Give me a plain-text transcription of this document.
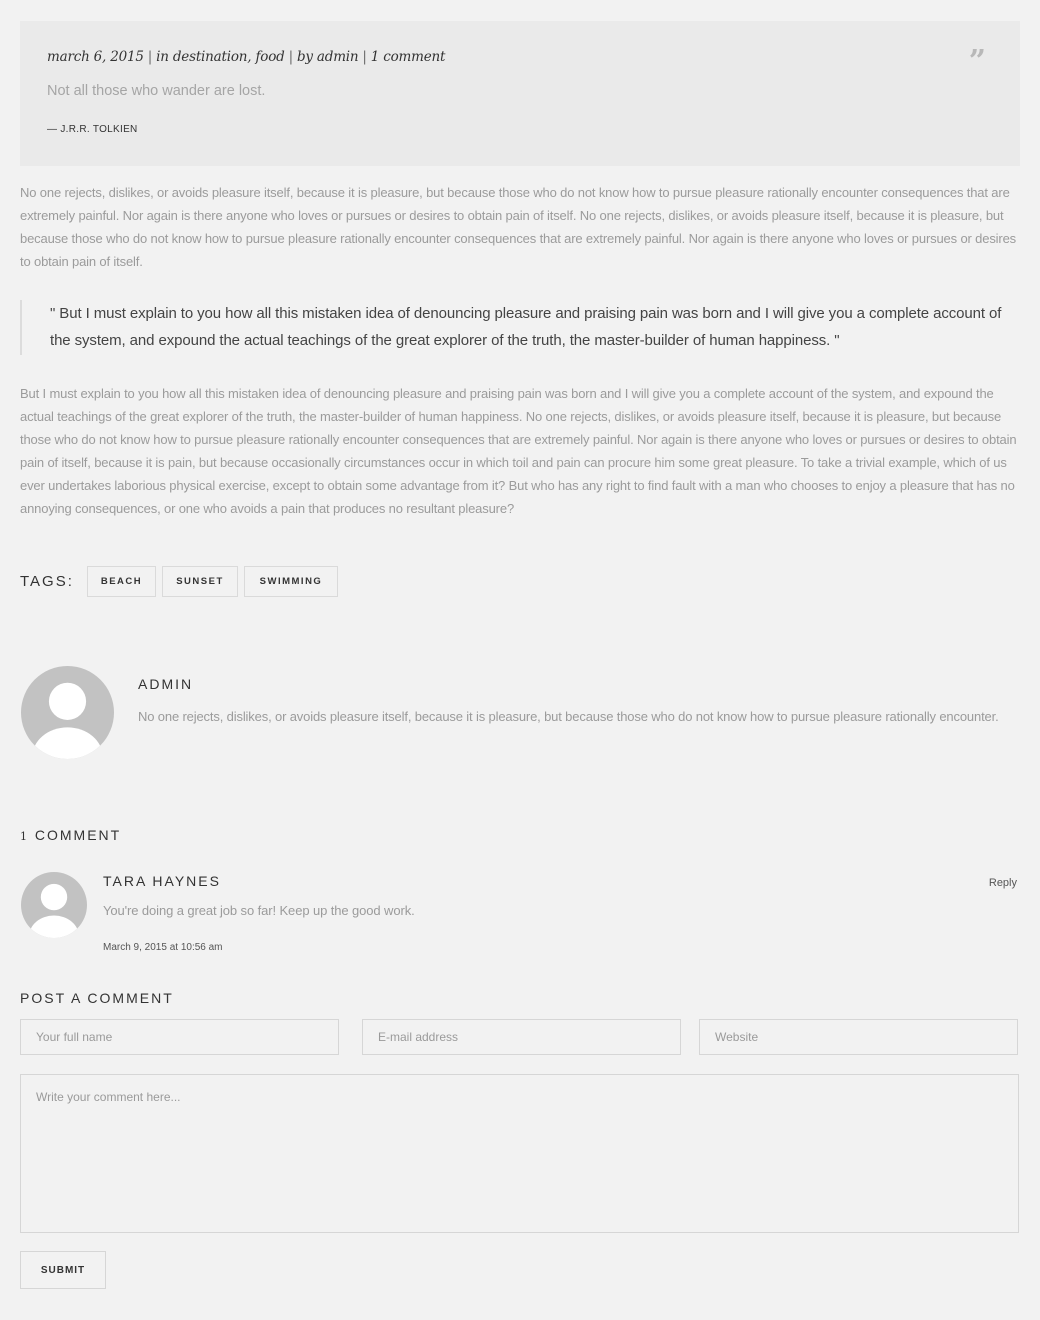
march 6, 2015 | in destination, food | by admin | 1 comment	”
Not all those who wander are lost.
— J.R.R. TOLKIEN

No one rejects, dislikes, or avoids pleasure itself, because it is pleasure, but because those who do not know how to pursue pleasure rationally encounter consequences that are extremely painful. Nor again is there anyone who loves or pursues or desires to obtain pain of itself. No one rejects, dislikes, or avoids pleasure itself, because it is pleasure, but because those who do not know how to pursue pleasure rationally encounter consequences that are extremely painful. Nor again is there anyone who loves or pursues or desires to obtain pain of itself.

" But I must explain to you how all this mistaken idea of denouncing pleasure and praising pain was born and I will give you a complete account of the system, and expound the actual teachings of the great explorer of the truth, the master-builder of human happiness. "

But I must explain to you how all this mistaken idea of denouncing pleasure and praising pain was born and I will give you a complete account of the system, and expound the actual teachings of the great explorer of the truth, the master-builder of human happiness. No one rejects, dislikes, or avoids pleasure itself, because it is pleasure, but because those who do not know how to pursue pleasure rationally encounter consequences that are extremely painful. Nor again is there anyone who loves or pursues or desires to obtain pain of itself, because it is pain, but because occasionally circumstances occur in which toil and pain can procure him some great pleasure. To take a trivial example, which of us ever undertakes laborious physical exercise, except to obtain some advantage from it? But who has any right to find fault with a man who chooses to enjoy a pleasure that has no annoying consequences, or one who avoids a pain that produces no resultant pleasure?

TAGS:	BEACH	SUNSET	SWIMMING
ADMIN

No one rejects, dislikes, or avoids pleasure itself, because it is pleasure, but because those who do not know how to pursue pleasure rationally encounter.

1 COMMENT
TARA HAYNES	Reply
You're doing a great job so far! Keep up the good work.
March 9, 2015 at 10:56 am
POST A COMMENT
Your full name
E-mail address
Website
Write your comment here...
SUBMIT
